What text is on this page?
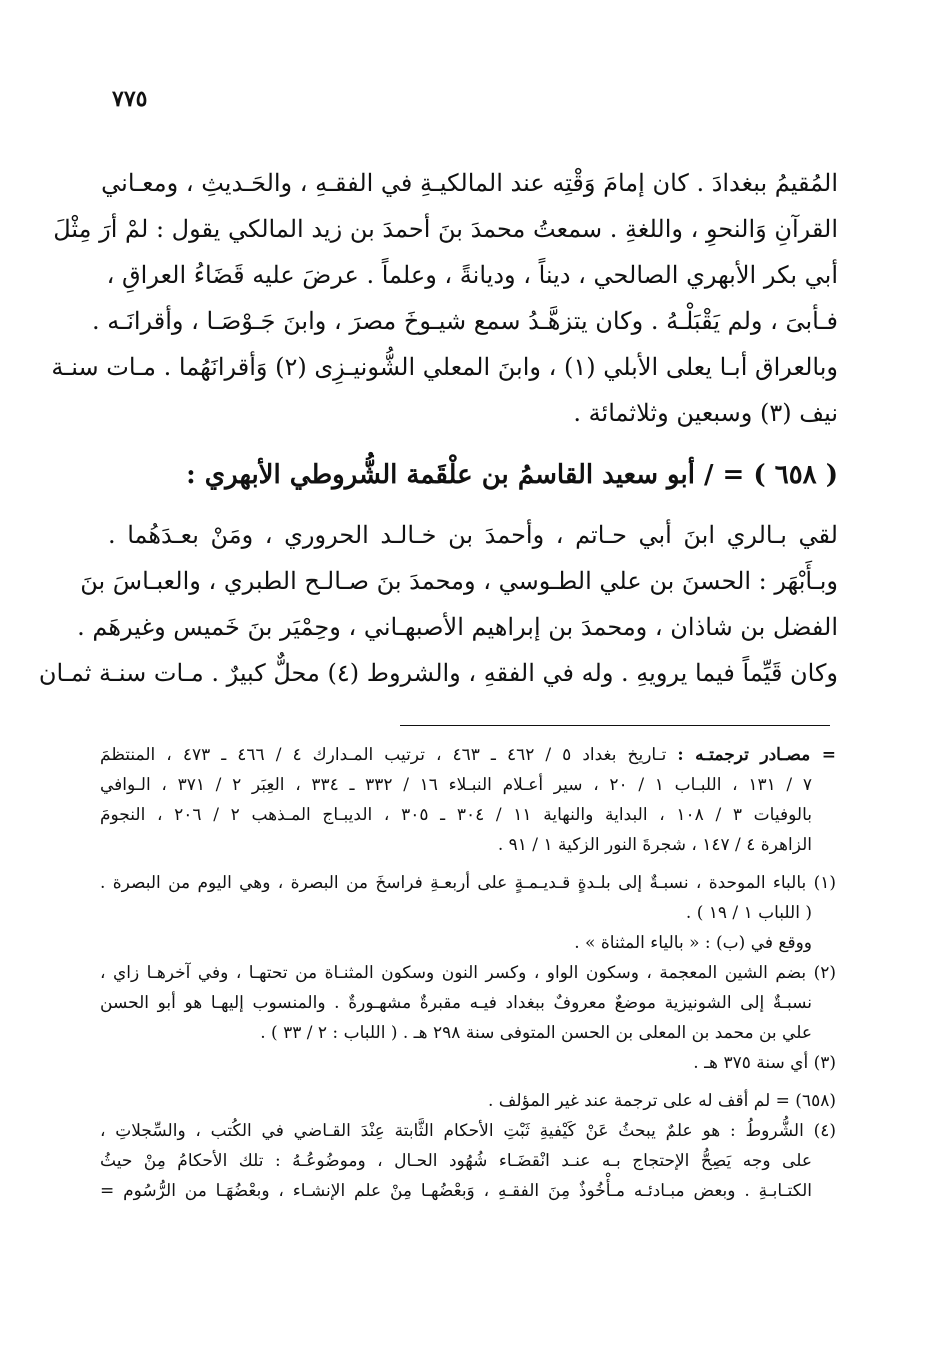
٧٧٥
المُقيمُ ببغدادَ . كان إمامَ وَقْتِه عند المالكيـةِ في الفقـهِ ، والحَـديثِ ، ومعـاني
القرآنِ وَالنحوِ ، واللغةِ . سمعتُ محمدَ بنَ أحمدَ بن زيد المالكي يقول : لمْ أرَ مِثْلَ
أبي بكر الأبهري الصالحي ، ديناً ، وديانةً ، وعلماً . عرضَ عليه قَضَاءُ العراقِ ،
فـأبىَ ، ولم يَقْبَلْـهُ . وكان يتزهَّـدُ سمع شيـوخَ مصرَ ، وابنَ جَـوْصَـا ، وأقرانَـه .
وبالعراق أبـا يعلى الأبلي (١) ، وابنَ المعلي الشُّونيـزِى (٢) وَأقرانَهُما . مـات سنـة
نيف (٣) وسبعين وثلاثمائة .
( ٦٥٨ ) = / أبو سعيد القاسمُ بن علْقَمة الشُّروطي الأبهري :
لقي بـالري ابنَ أبي حـاتم ، وأحمدَ بن خـالـد الحروري ، ومَنْ بعـدَهُما .
وبـأَبْهَر : الحسنَ بن علي الطـوسي ، ومحمدَ بنَ صـالـح الطبري ، والعبـاسَ بنَ
الفضل بن شاذان ، ومحمدَ بن إبراهيم الأصبهـاني ، وحِمْيَر بنَ خَميس وغيرهَم .
وكان قَيِّماً فيما يرويهِ . وله في الفقهِ ، والشروط (٤) محلٌّ كبيرٌ . مـات سنـة ثمـان
= مصـادر ترجمتـه : تـاريخ بغداد ٥ / ٤٦٢ ـ ٤٦٣ ، ترتيب المـدارك ٤ / ٤٦٦ ـ ٤٧٣ ، المنتظمَ
٧ / ١٣١ ، اللبـاب ١ / ٢٠ ، سير أعـلام النبـلاء ١٦ / ٣٣٢ ـ ٣٣٤ ، العِبَر ٢ / ٣٧١ ، الـوافي
بالوفيات ٣ / ١٠٨ ، البداية والنهاية ١١ / ٣٠٤ ـ ٣٠٥ ، الديبـاج المـذهب ٢ / ٢٠٦ ، النجومَ
الزاهرة ٤ / ١٤٧ ، شجرةَ النور الزكية ١ / ٩١ .
(١) بالباء الموحدة ، نسبـةٌ إلى بلـدةٍ قـديـمـةٍ على أربعـةِ فراسخَ من البصرة ، وهي اليوم من البصرة .
( اللباب ١ / ١٩ ) .
ووقع في (ب) : « بالياء المثناة » .
(٢) بضم الشين المعجمة ، وسكون الواو ، وكسر النون وسكون المثنـاة من تحتهـا ، وفي آخرهـا زاي ،
نسبـةٌ إلى الشونيزية موضعٌ معروفٌ ببغداد فيـه مقبرةٌ مشهـورةٌ . والمنسوب إليهـا هو أبو الحسن
علي بن محمد بن المعلى بن الحسن المتوفى سنة ٢٩٨ هـ . ( اللباب : ٢ / ٣٣ ) .
(٣) أي سنة ٣٧٥ هـ .
(٦٥٨) = لم أقف له على ترجمة عند غير المؤلف .
(٤) الشُّروطُ : هو علمٌ يبحثُ عَنْ كَيْفيةِ ثَبْتِ الأحكام الثَّابتة عِنْدَ القـاضي في الكُتب ، والسِّجلاتِ ،
على وجه يَصِحُّ الإحتجاج بـه عنـد انْقضَـاء شُهُود الحـال ، وموضُوعُـهُ : تلك الأحكامُ مِنْ حيثُ
الكتـابـةِ . وبعض مبـادئـه مـأْخُوذٌ مِنَ الفقـهِ ، وَبعْضُهـا مِنْ علم الإنشـاء ، وبعْضُهَـا من الرُّسُوم =
